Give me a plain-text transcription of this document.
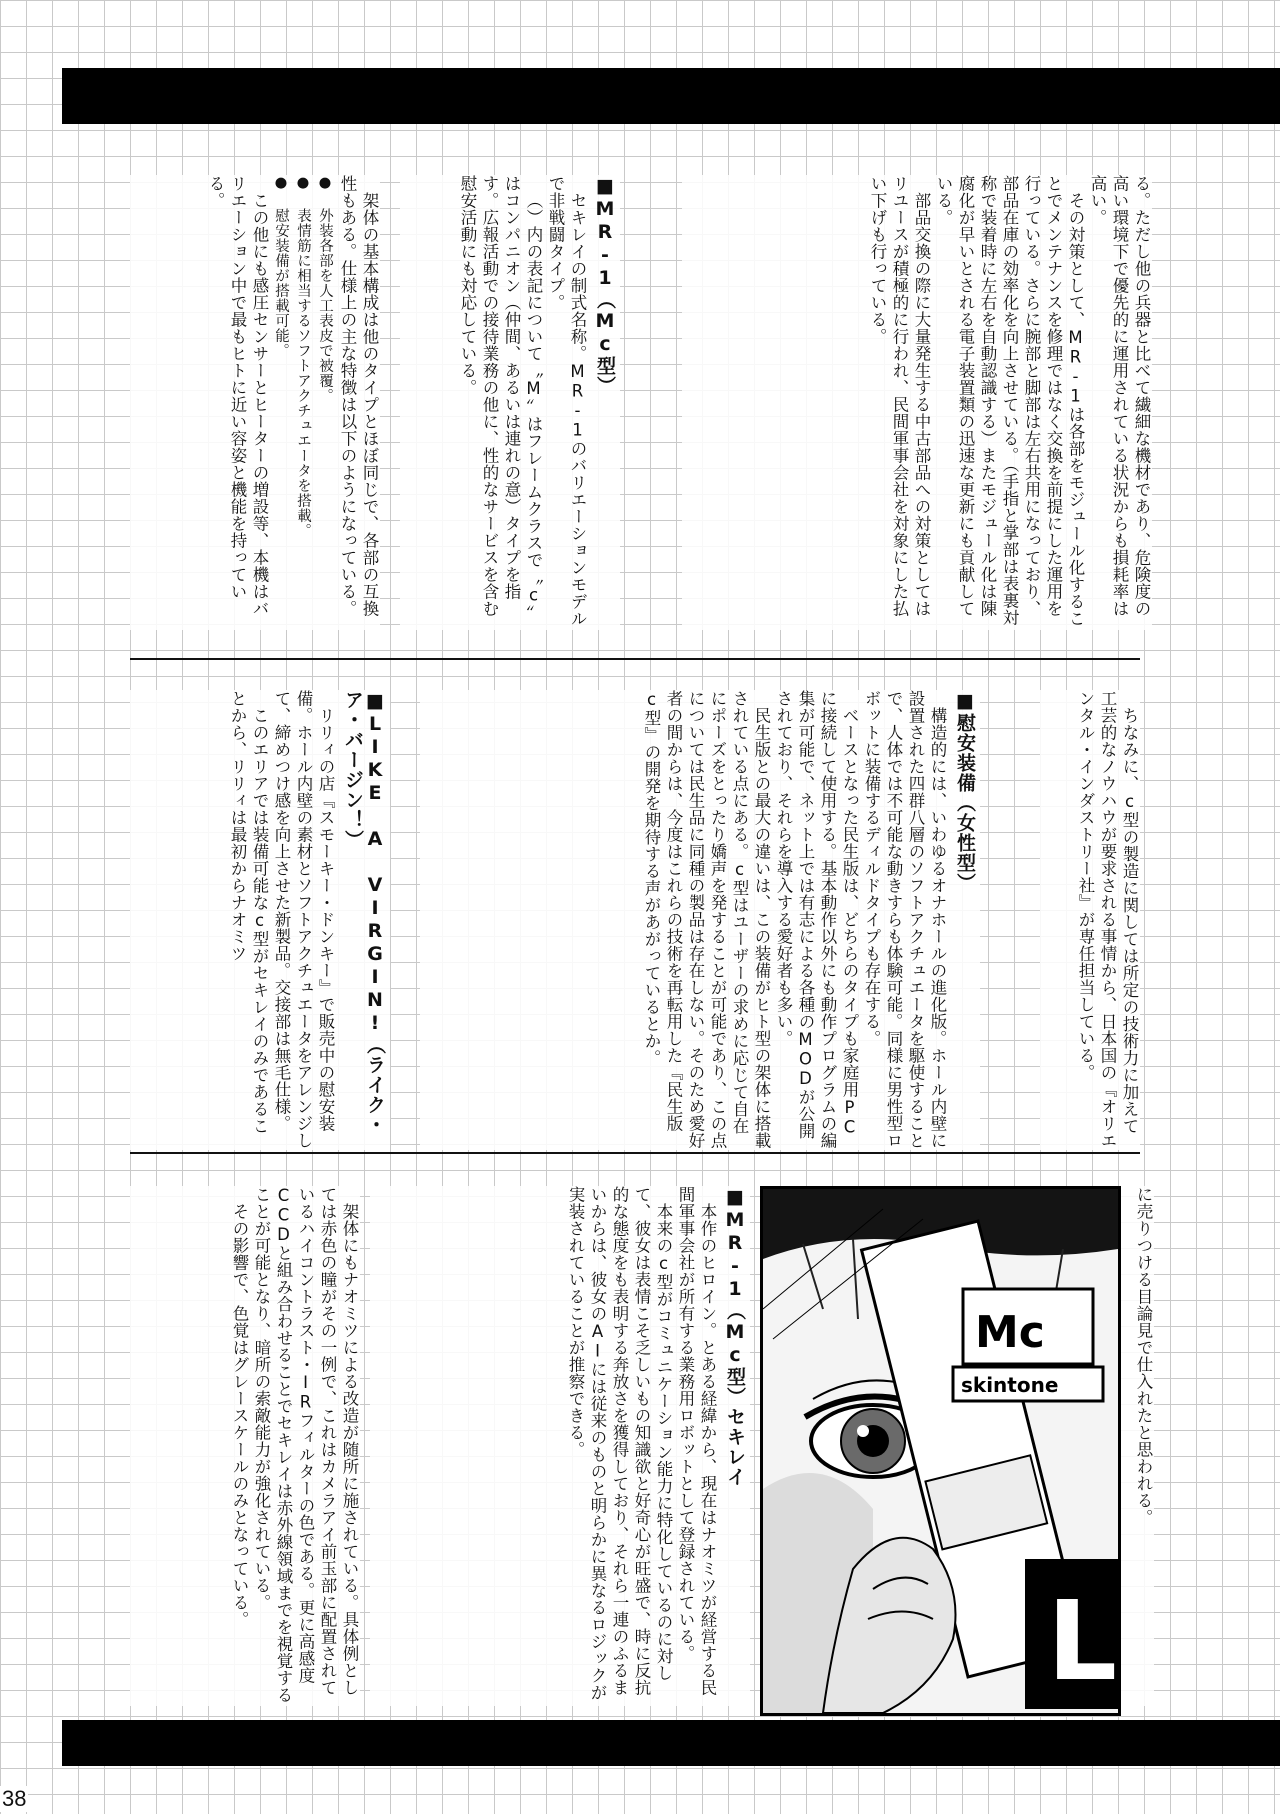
る。ただし他の兵器と比べて繊細な機材であり、危険度の高い環境下で優先的に運用されている状況からも損耗率は高い。

その対策として、MR-1は各部をモジュール化することでメンテナンスを修理ではなく交換を前提にした運用を行っている。さらに腕部と脚部は左右共用になっており、部品在庫の効率化を向上させている。（手指と掌部は表裏対称で装着時に左右を自動認識する）またモジュール化は陳腐化が早いとされる電子装置類の迅速な更新にも貢献している。

部品交換の際に大量発生する中古部品への対策としてはリユースが積極的に行われ、民間軍事会社を対象にした払い下げも行っている。

■MR-1（Mc型）

セキレイの制式名称。MR-1のバリエーションモデルで非戦闘タイプ。

（）内の表記について〝M〟はフレームクラスで〝c〟はコンパニオン（仲間、あるいは連れの意）タイプを指す。広報活動での接待業務の他に、性的なサービスを含む慰安活動にも対応している。

架体の基本構成は他のタイプとほぼ同じで、各部の互換性もある。仕様上の主な特徴は以下のようになっている。

● 外装各部を人工表皮で被覆。
● 表情筋に相当するソフトアクチュエータを搭載。
● 慰安装備が搭載可能。

この他にも感圧センサーとヒーターの増設等、本機はバリエーション中で最もヒトに近い容姿と機能を持っている。

ちなみに、c型の製造に関しては所定の技術力に加えて工芸的なノウハウが要求される事情から、日本国の『オリエンタル・インダストリー社』が専任担当している。

■慰安装備（女性型）

構造的には、いわゆるオナホールの進化版。ホール内壁に設置された四群八層のソフトアクチュエータを駆使することで、人体では不可能な動きすらも体験可能。同様に男性型ロボットに装備するディルドタイプも存在する。

ベースとなった民生版は、どちらのタイプも家庭用PCに接続して使用する。基本動作以外にも動作プログラムの編集が可能で、ネット上では有志による各種のMODが公開されており、それらを導入する愛好者も多い。

民生版との最大の違いは、この装備がヒト型の架体に搭載されている点にある。c型はユーザーの求めに応じて自在にポーズをとったり嬌声を発することが可能であり、この点については民生品に同種の製品は存在しない。そのため愛好者の間からは、今度はこれらの技術を再転用した『民生版c型』の開発を期待する声があがっているとか。

■LIKE A VIRGIN!（ライク・ア・バージン！）

リリィの店『スモーキー・ドンキー』で販売中の慰安装備。ホール内壁の素材とソフトアクチュエータをアレンジして、締めつけ感を向上させた新製品。交接部は無毛仕様。

このエリアでは装備可能なc型がセキレイのみであることから、リリィは最初からナオミツ

に売りつける目論見で仕入れたと思われる。

Mc
skintone
L
■MR-1（Mc型）セキレイ

本作のヒロイン。とある経緯から、現在はナオミツが経営する民間軍事会社が所有する業務用ロボットとして登録されている。

本来のc型がコミュニケーション能力に特化しているのに対して、彼女は表情こそ乏しいもの知識欲と好奇心が旺盛で、時に反抗的な態度をも表明する奔放さを獲得しており、それら一連のふるまいからは、彼女のAIには従来のものと明らかに異なるロジックが実装されていることが推察できる。

架体にもナオミツによる改造が随所に施されている。具体例としては赤色の瞳がその一例で、これはカメラアイ前玉部に配置されているハイコントラスト・IRフィルターの色である。更に高感度CCDと組み合わせることでセキレイは赤外線領域までを視覚することが可能となり、暗所の索敵能力が強化されている。

その影響で、色覚はグレースケールのみとなっている。

38
